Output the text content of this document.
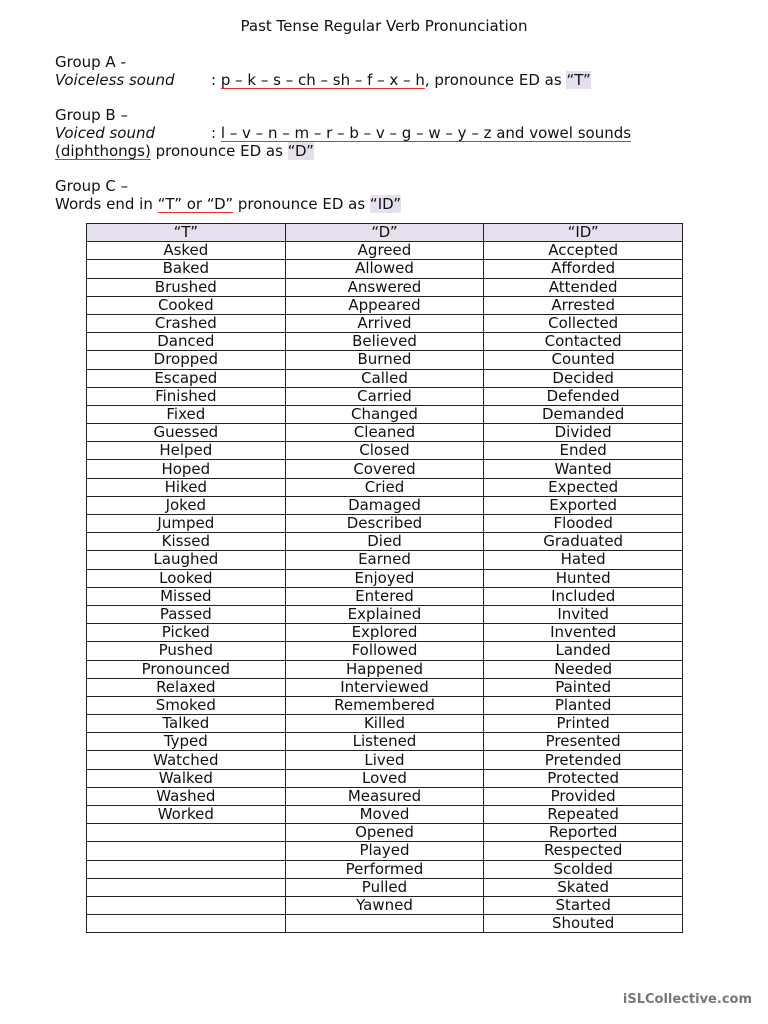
Past Tense Regular Verb Pronunciation
Group A -
Voiceless sound : p – k – s – ch – sh – f – x – h, pronounce ED as “T”
Group B –
Voiced sound	: l – v – n – m – r – b – v – g – w – y – z and vowel sounds
(diphthongs) pronounce ED as “D”
Group C –
Words end in “T” or “D” pronounce ED as “ID”
“T”	“D”	“ID”
Asked	Agreed	Accepted
Baked	Allowed	Afforded
Brushed	Answered	Attended
Cooked	Appeared	Arrested
Crashed	Arrived	Collected
Danced	Believed	Contacted
Dropped	Burned	Counted
Escaped	Called	Decided
Finished	Carried	Defended
Fixed	Changed	Demanded
Guessed	Cleaned	Divided
Helped	Closed	Ended
Hoped	Covered	Wanted
Hiked	Cried	Expected
Joked	Damaged	Exported
Jumped	Described	Flooded
Kissed	Died	Graduated
Laughed	Earned	Hated
Looked	Enjoyed	Hunted
Missed	Entered	Included
Passed	Explained	Invited
Picked	Explored	Invented
Pushed	Followed	Landed
Pronounced	Happened	Needed
Relaxed	Interviewed	Painted
Smoked	Remembered	Planted
Talked	Killed	Printed
Typed	Listened	Presented
Watched	Lived	Pretended
Walked	Loved	Protected
Washed	Measured	Provided
Worked	Moved	Repeated
	Opened	Reported
	Played	Respected
	Performed	Scolded
	Pulled	Skated
	Yawned	Started
		Shouted
iSLCollective.com
